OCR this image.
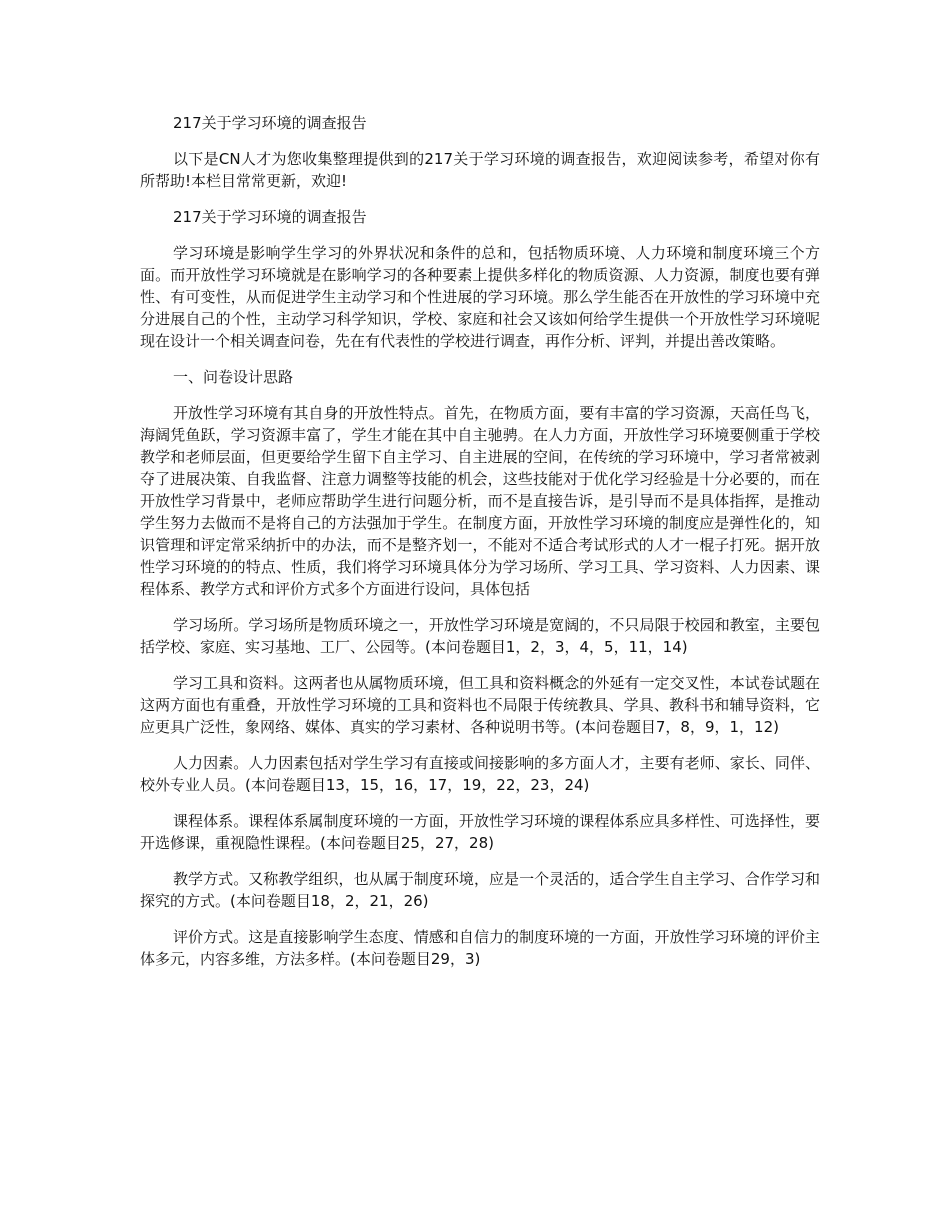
217关于学习环境的调查报告

以下是CN人才为您收集整理提供到的217关于学习环境的调查报告，欢迎阅读参考，希望对你有所帮助!本栏目常常更新，欢迎!

217关于学习环境的调查报告

学习环境是影响学生学习的外界状况和条件的总和，包括物质环境、人力环境和制度环境三个方面。而开放性学习环境就是在影响学习的各种要素上提供多样化的物质资源、人力资源，制度也要有弹性、有可变性，从而促进学生主动学习和个性进展的学习环境。那么学生能否在开放性的学习环境中充分进展自己的个性，主动学习科学知识，学校、家庭和社会又该如何给学生提供一个开放性学习环境呢现在设计一个相关调查问卷，先在有代表性的学校进行调查，再作分析、评判，并提出善改策略。

一、问卷设计思路

开放性学习环境有其自身的开放性特点。首先，在物质方面，要有丰富的学习资源，天高任鸟飞，海阔凭鱼跃，学习资源丰富了，学生才能在其中自主驰骋。在人力方面，开放性学习环境要侧重于学校教学和老师层面，但更要给学生留下自主学习、自主进展的空间，在传统的学习环境中，学习者常被剥夺了进展决策、自我监督、注意力调整等技能的机会，这些技能对于优化学习经验是十分必要的，而在开放性学习背景中，老师应帮助学生进行问题分析，而不是直接告诉，是引导而不是具体指挥，是推动学生努力去做而不是将自己的方法强加于学生。在制度方面，开放性学习环境的制度应是弹性化的，知识管理和评定常采纳折中的办法，而不是整齐划一，不能对不适合考试形式的人才一棍子打死。据开放性学习环境的的特点、性质，我们将学习环境具体分为学习场所、学习工具、学习资料、人力因素、课程体系、教学方式和评价方式多个方面进行设问，具体包括

学习场所。学习场所是物质环境之一，开放性学习环境是宽阔的，不只局限于校园和教室，主要包括学校、家庭、实习基地、工厂、公园等。(本问卷题目1，2，3，4，5，11，14)

学习工具和资料。这两者也从属物质环境，但工具和资料概念的外延有一定交叉性，本试卷试题在这两方面也有重叠，开放性学习环境的工具和资料也不局限于传统教具、学具、教科书和辅导资料，它应更具广泛性，象网络、媒体、真实的学习素材、各种说明书等。(本问卷题目7，8，9，1，12)

人力因素。人力因素包括对学生学习有直接或间接影响的多方面人才，主要有老师、家长、同伴、校外专业人员。(本问卷题目13，15，16，17，19，22，23，24)

课程体系。课程体系属制度环境的一方面，开放性学习环境的课程体系应具多样性、可选择性，要开选修课，重视隐性课程。(本问卷题目25，27，28)

教学方式。又称教学组织，也从属于制度环境，应是一个灵活的，适合学生自主学习、合作学习和探究的方式。(本问卷题目18，2，21，26)

评价方式。这是直接影响学生态度、情感和自信力的制度环境的一方面，开放性学习环境的评价主体多元，内容多维，方法多样。(本问卷题目29，3)
